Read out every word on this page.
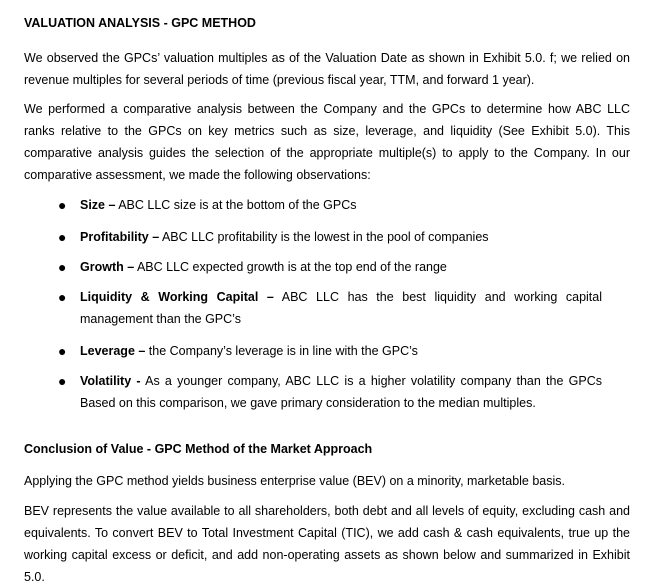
VALUATION ANALYSIS - GPC METHOD

We observed the GPCs’ valuation multiples as of the Valuation Date as shown in Exhibit 5.0. f; we relied on revenue multiples for several periods of time (previous fiscal year, TTM, and forward 1 year).

We performed a comparative analysis between the Company and the GPCs to determine how ABC LLC ranks relative to the GPCs on key metrics such as size, leverage, and liquidity (See Exhibit 5.0). This comparative analysis guides the selection of the appropriate multiple(s) to apply to the Company. In our comparative assessment, we made the following observations:

● Size – ABC LLC size is at the bottom of the GPCs
● Profitability – ABC LLC profitability is the lowest in the pool of companies
● Growth – ABC LLC expected growth is at the top end of the range
● Liquidity & Working Capital – ABC LLC has the best liquidity and working capital management than the GPC’s
● Leverage – the Company’s leverage is in line with the GPC’s
● Volatility - As a younger company, ABC LLC is a higher volatility company than the GPCs Based on this comparison, we gave primary consideration to the median multiples.
Conclusion of Value - GPC Method of the Market Approach

Applying the GPC method yields business enterprise value (BEV) on a minority, marketable basis.

BEV represents the value available to all shareholders, both debt and all levels of equity, excluding cash and equivalents. To convert BEV to Total Investment Capital (TIC), we add cash & cash equivalents, true up the working capital excess or deficit, and add non-operating assets as shown below and summarized in Exhibit 5.0.
